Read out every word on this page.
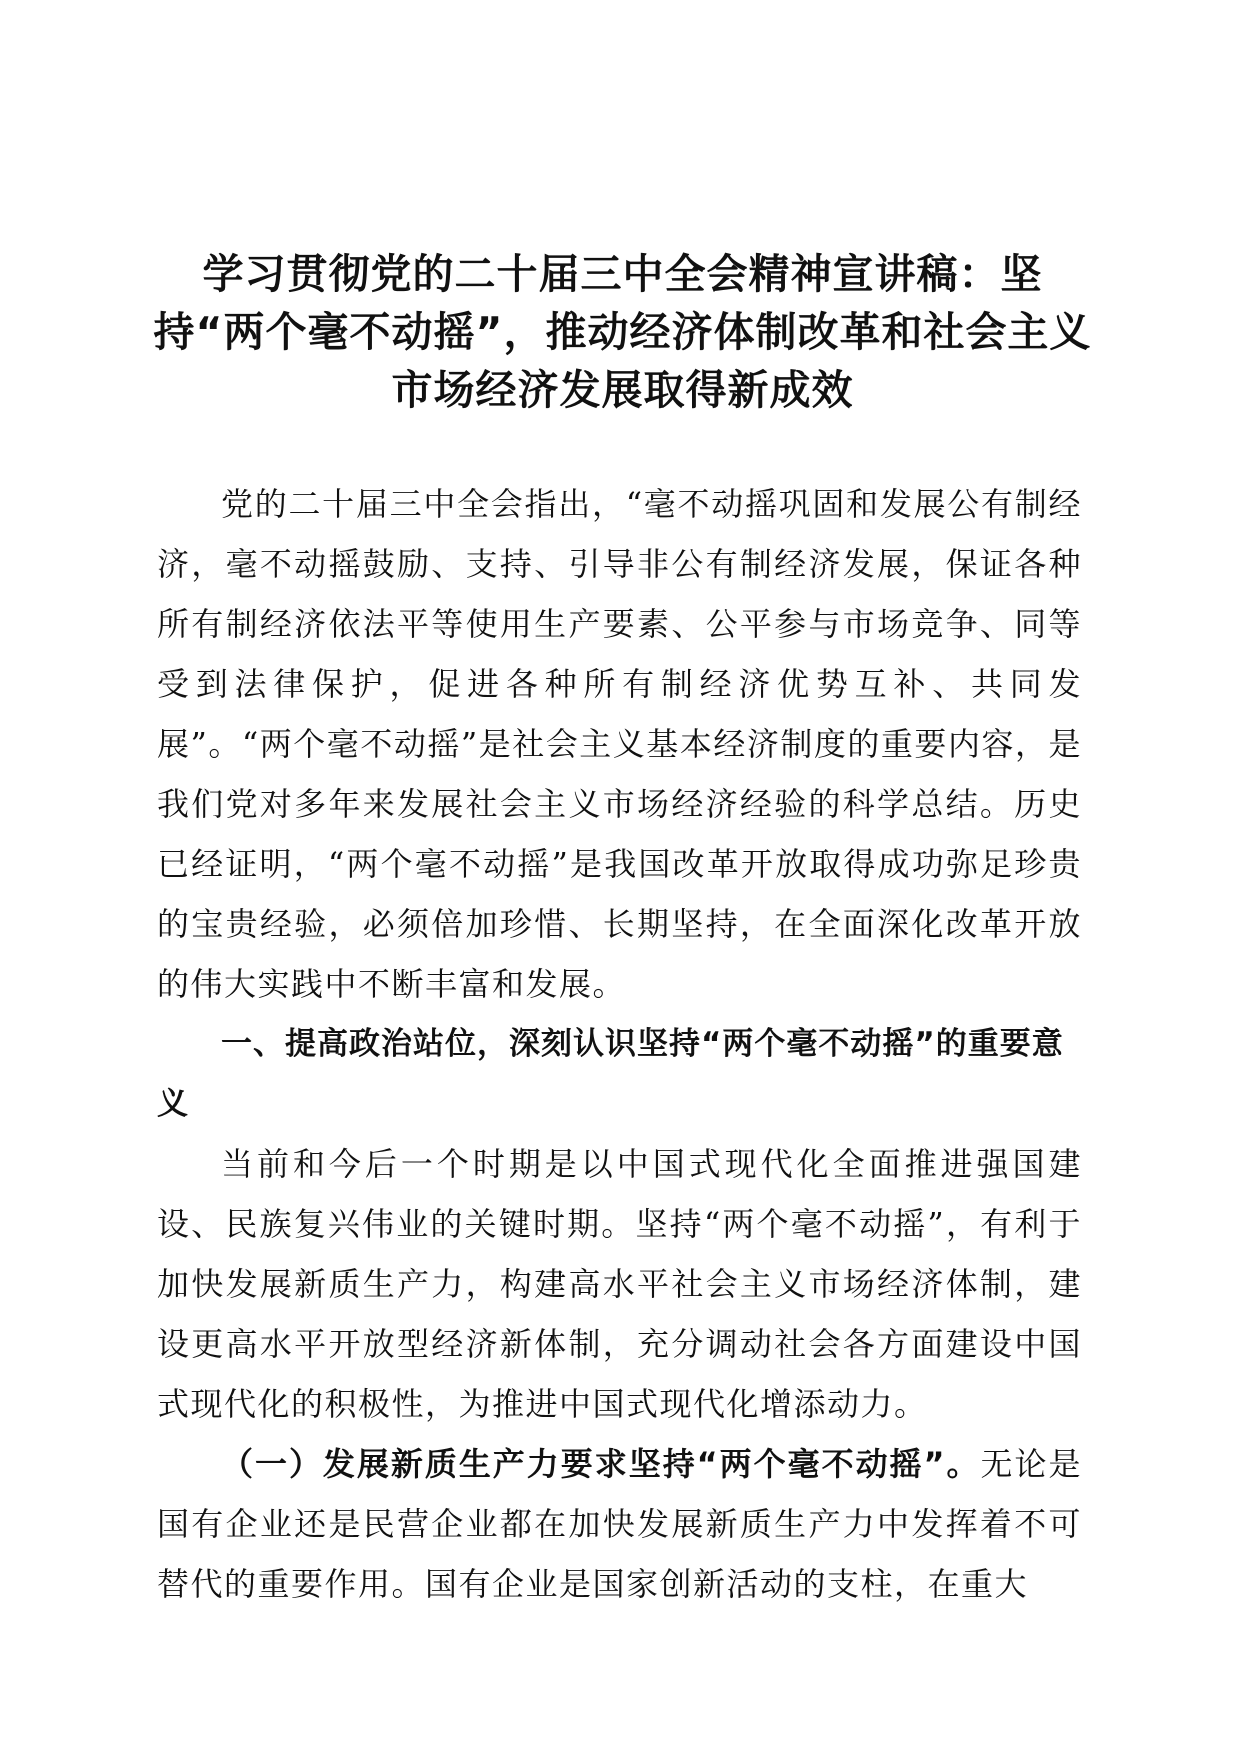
学习贯彻党的二十届三中全会精神宣讲稿：坚持“两个毫不动摇”，推动经济体制改革和社会主义市场经济发展取得新成效

党的二十届三中全会指出，“毫不动摇巩固和发展公有制经济，毫不动摇鼓励、支持、引导非公有制经济发展，保证各种所有制经济依法平等使用生产要素、公平参与市场竞争、同等受到法律保护，促进各种所有制经济优势互补、共同发展”。“两个毫不动摇”是社会主义基本经济制度的重要内容，是我们党对多年来发展社会主义市场经济经验的科学总结。历史已经证明，“两个毫不动摇”是我国改革开放取得成功弥足珍贵的宝贵经验，必须倍加珍惜、长期坚持，在全面深化改革开放的伟大实践中不断丰富和发展。

一、提高政治站位，深刻认识坚持“两个毫不动摇”的重要意义

当前和今后一个时期是以中国式现代化全面推进强国建设、民族复兴伟业的关键时期。坚持“两个毫不动摇”，有利于加快发展新质生产力，构建高水平社会主义市场经济体制，建设更高水平开放型经济新体制，充分调动社会各方面建设中国式现代化的积极性，为推进中国式现代化增添动力。

（一）发展新质生产力要求坚持“两个毫不动摇”。无论是国有企业还是民营企业都在加快发展新质生产力中发挥着不可替代的重要作用。国有企业是国家创新活动的支柱，在重大
